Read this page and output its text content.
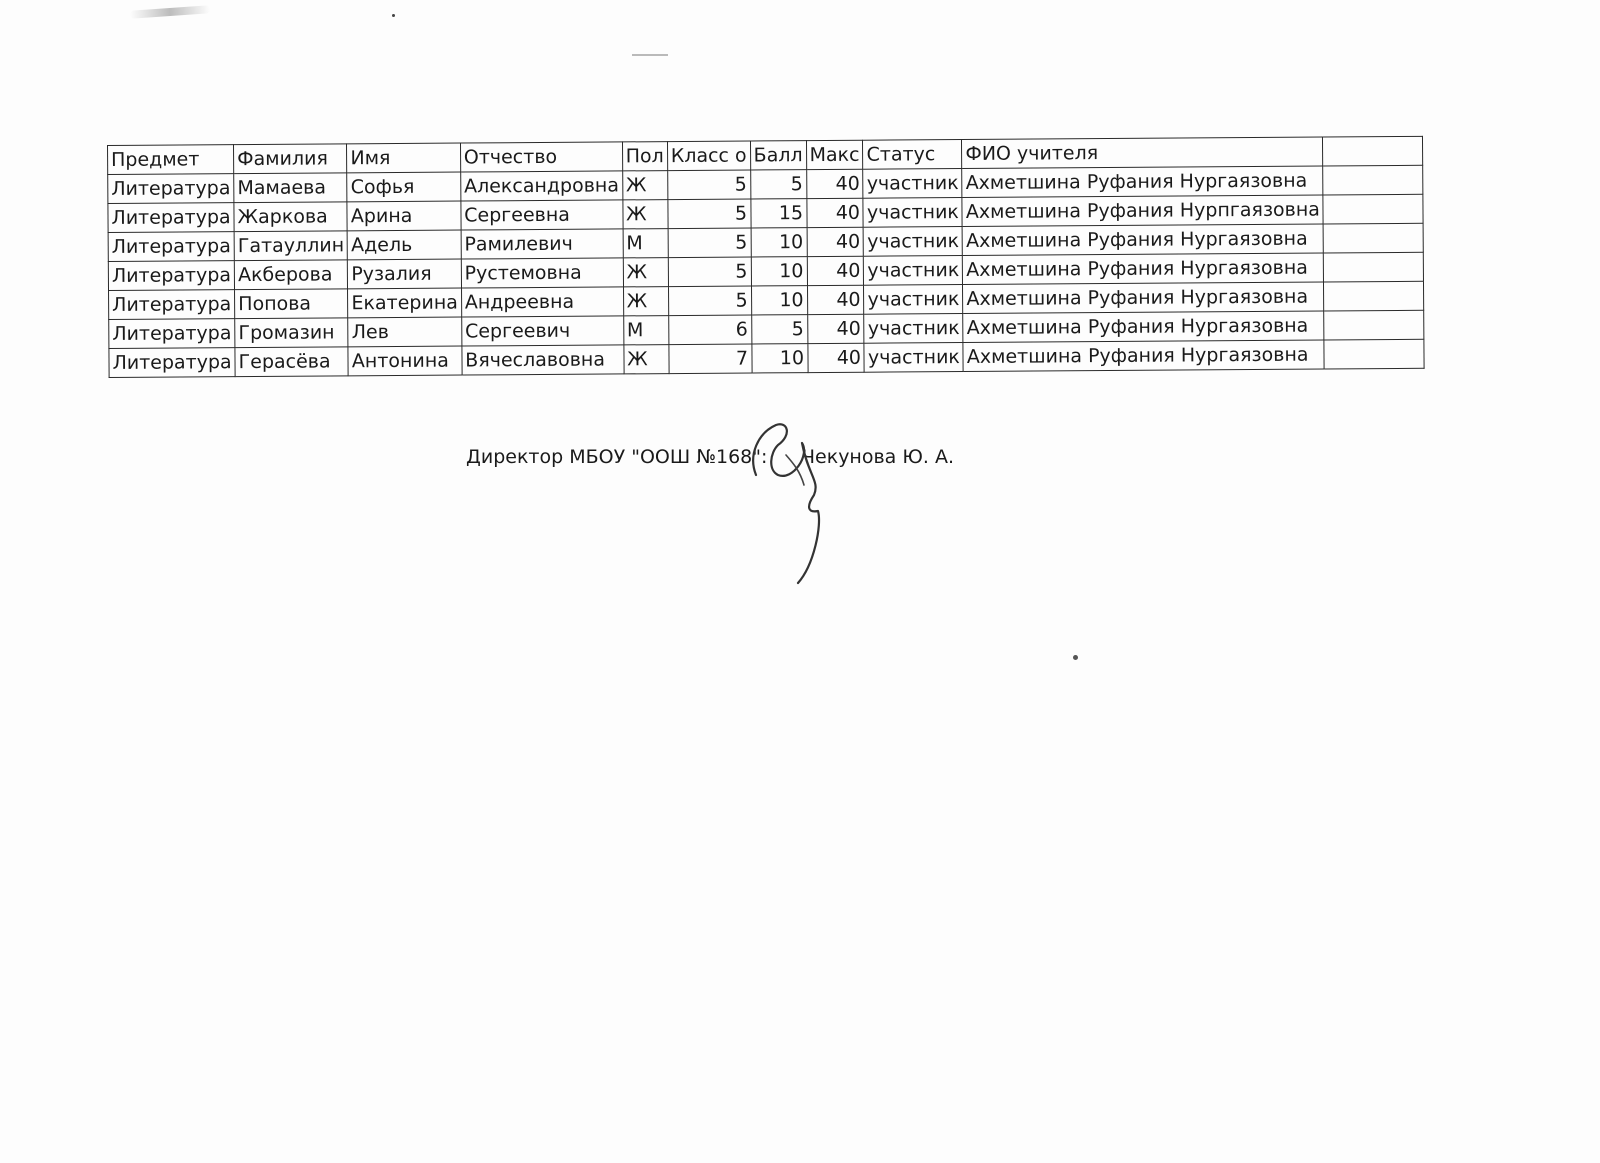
Предмет	Фамилия	Имя	Отчество	Пол	Класс о	Балл	Макс	Статус	ФИО учителя	
Литература	Мамаева	Софья	Александровна	Ж	5	5	40	участник	Ахметшина Руфания Нургаязовна	
Литература	Жаркова	Арина	Сергеевна	Ж	5	15	40	участник	Ахметшина Руфания Нурпгаязовна	
Литература	Гатауллин	Адель	Рамилевич	М	5	10	40	участник	Ахметшина Руфания Нургаязовна	
Литература	Акберова	Рузалия	Рустемовна	Ж	5	10	40	участник	Ахметшина Руфания Нургаязовна	
Литература	Попова	Екатерина	Андреевна	Ж	5	10	40	участник	Ахметшина Руфания Нургаязовна	
Литература	Громазин	Лев	Сергеевич	М	6	5	40	участник	Ахметшина Руфания Нургаязовна	
Литература	Герасёва	Антонина	Вячеславовна	Ж	7	10	40	участник	Ахметшина Руфания Нургаязовна	
Директор МБОУ "ООШ №168": Чекунова Ю. А.
